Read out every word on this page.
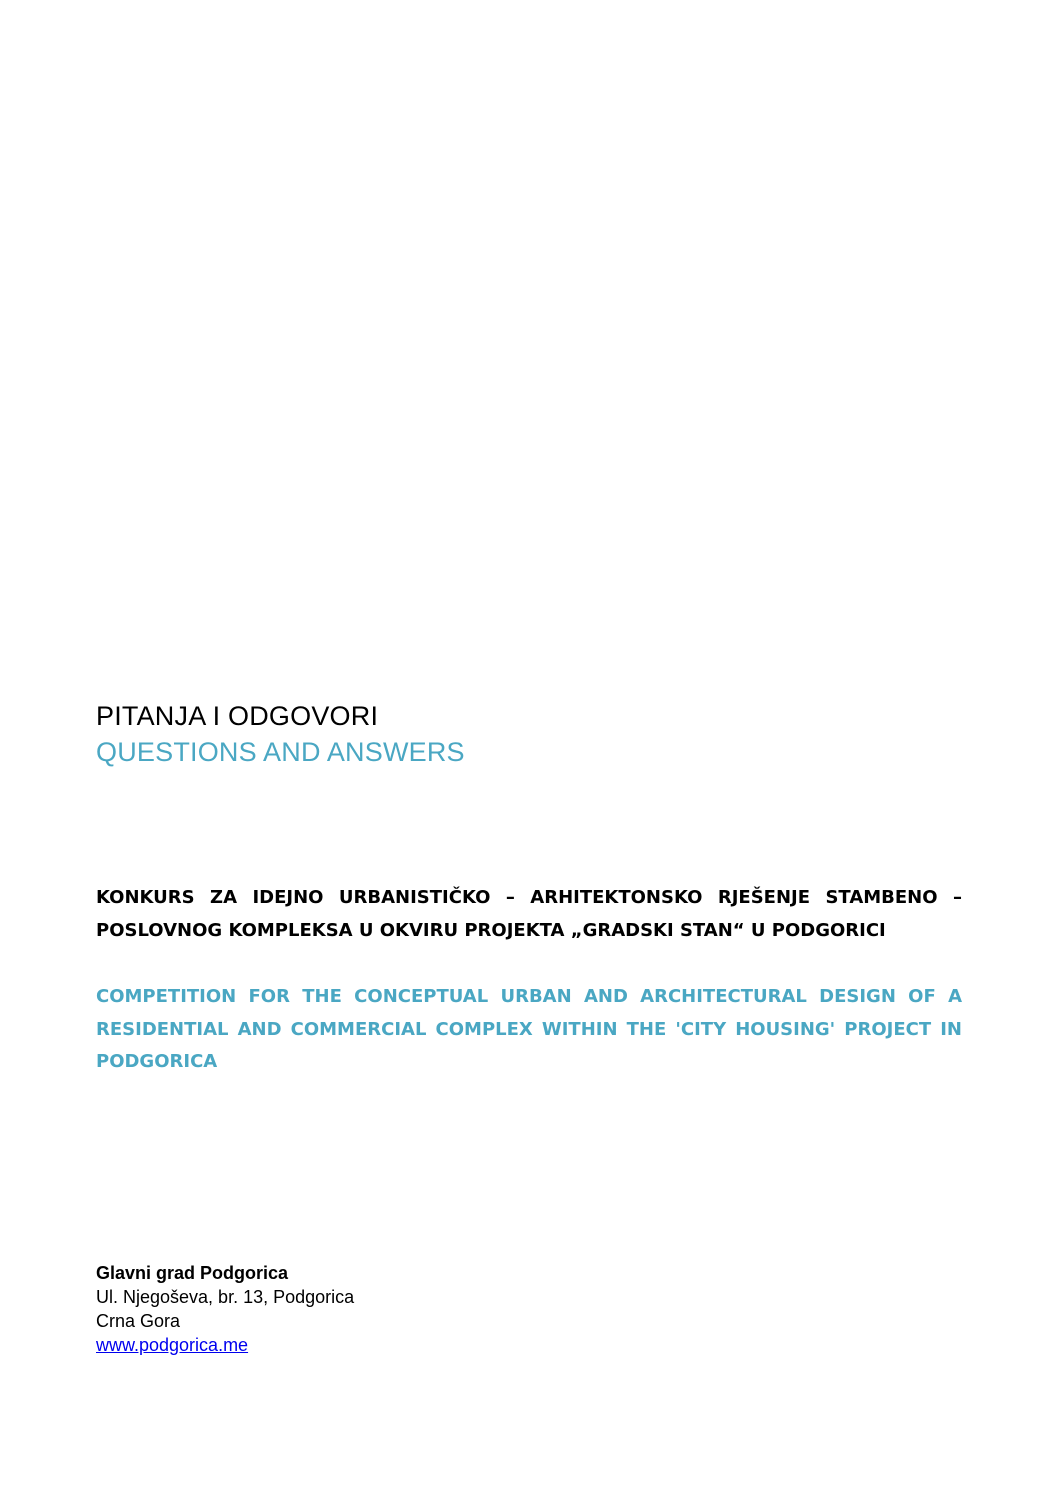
PITANJA I ODGOVORI
QUESTIONS AND ANSWERS

KONKURS ZA IDEJNO URBANISTIČKO – ARHITEKTONSKO RJEŠENJE STAMBENO – POSLOVNOG KOMPLEKSA U OKVIRU PROJEKTA „GRADSKI STAN“ U PODGORICI

COMPETITION FOR THE CONCEPTUAL URBAN AND ARCHITECTURAL DESIGN OF A RESIDENTIAL AND COMMERCIAL COMPLEX WITHIN THE 'CITY HOUSING' PROJECT IN PODGORICA

Glavni grad Podgorica
Ul. Njegoševa, br. 13, Podgorica
Crna Gora
www.podgorica.me
